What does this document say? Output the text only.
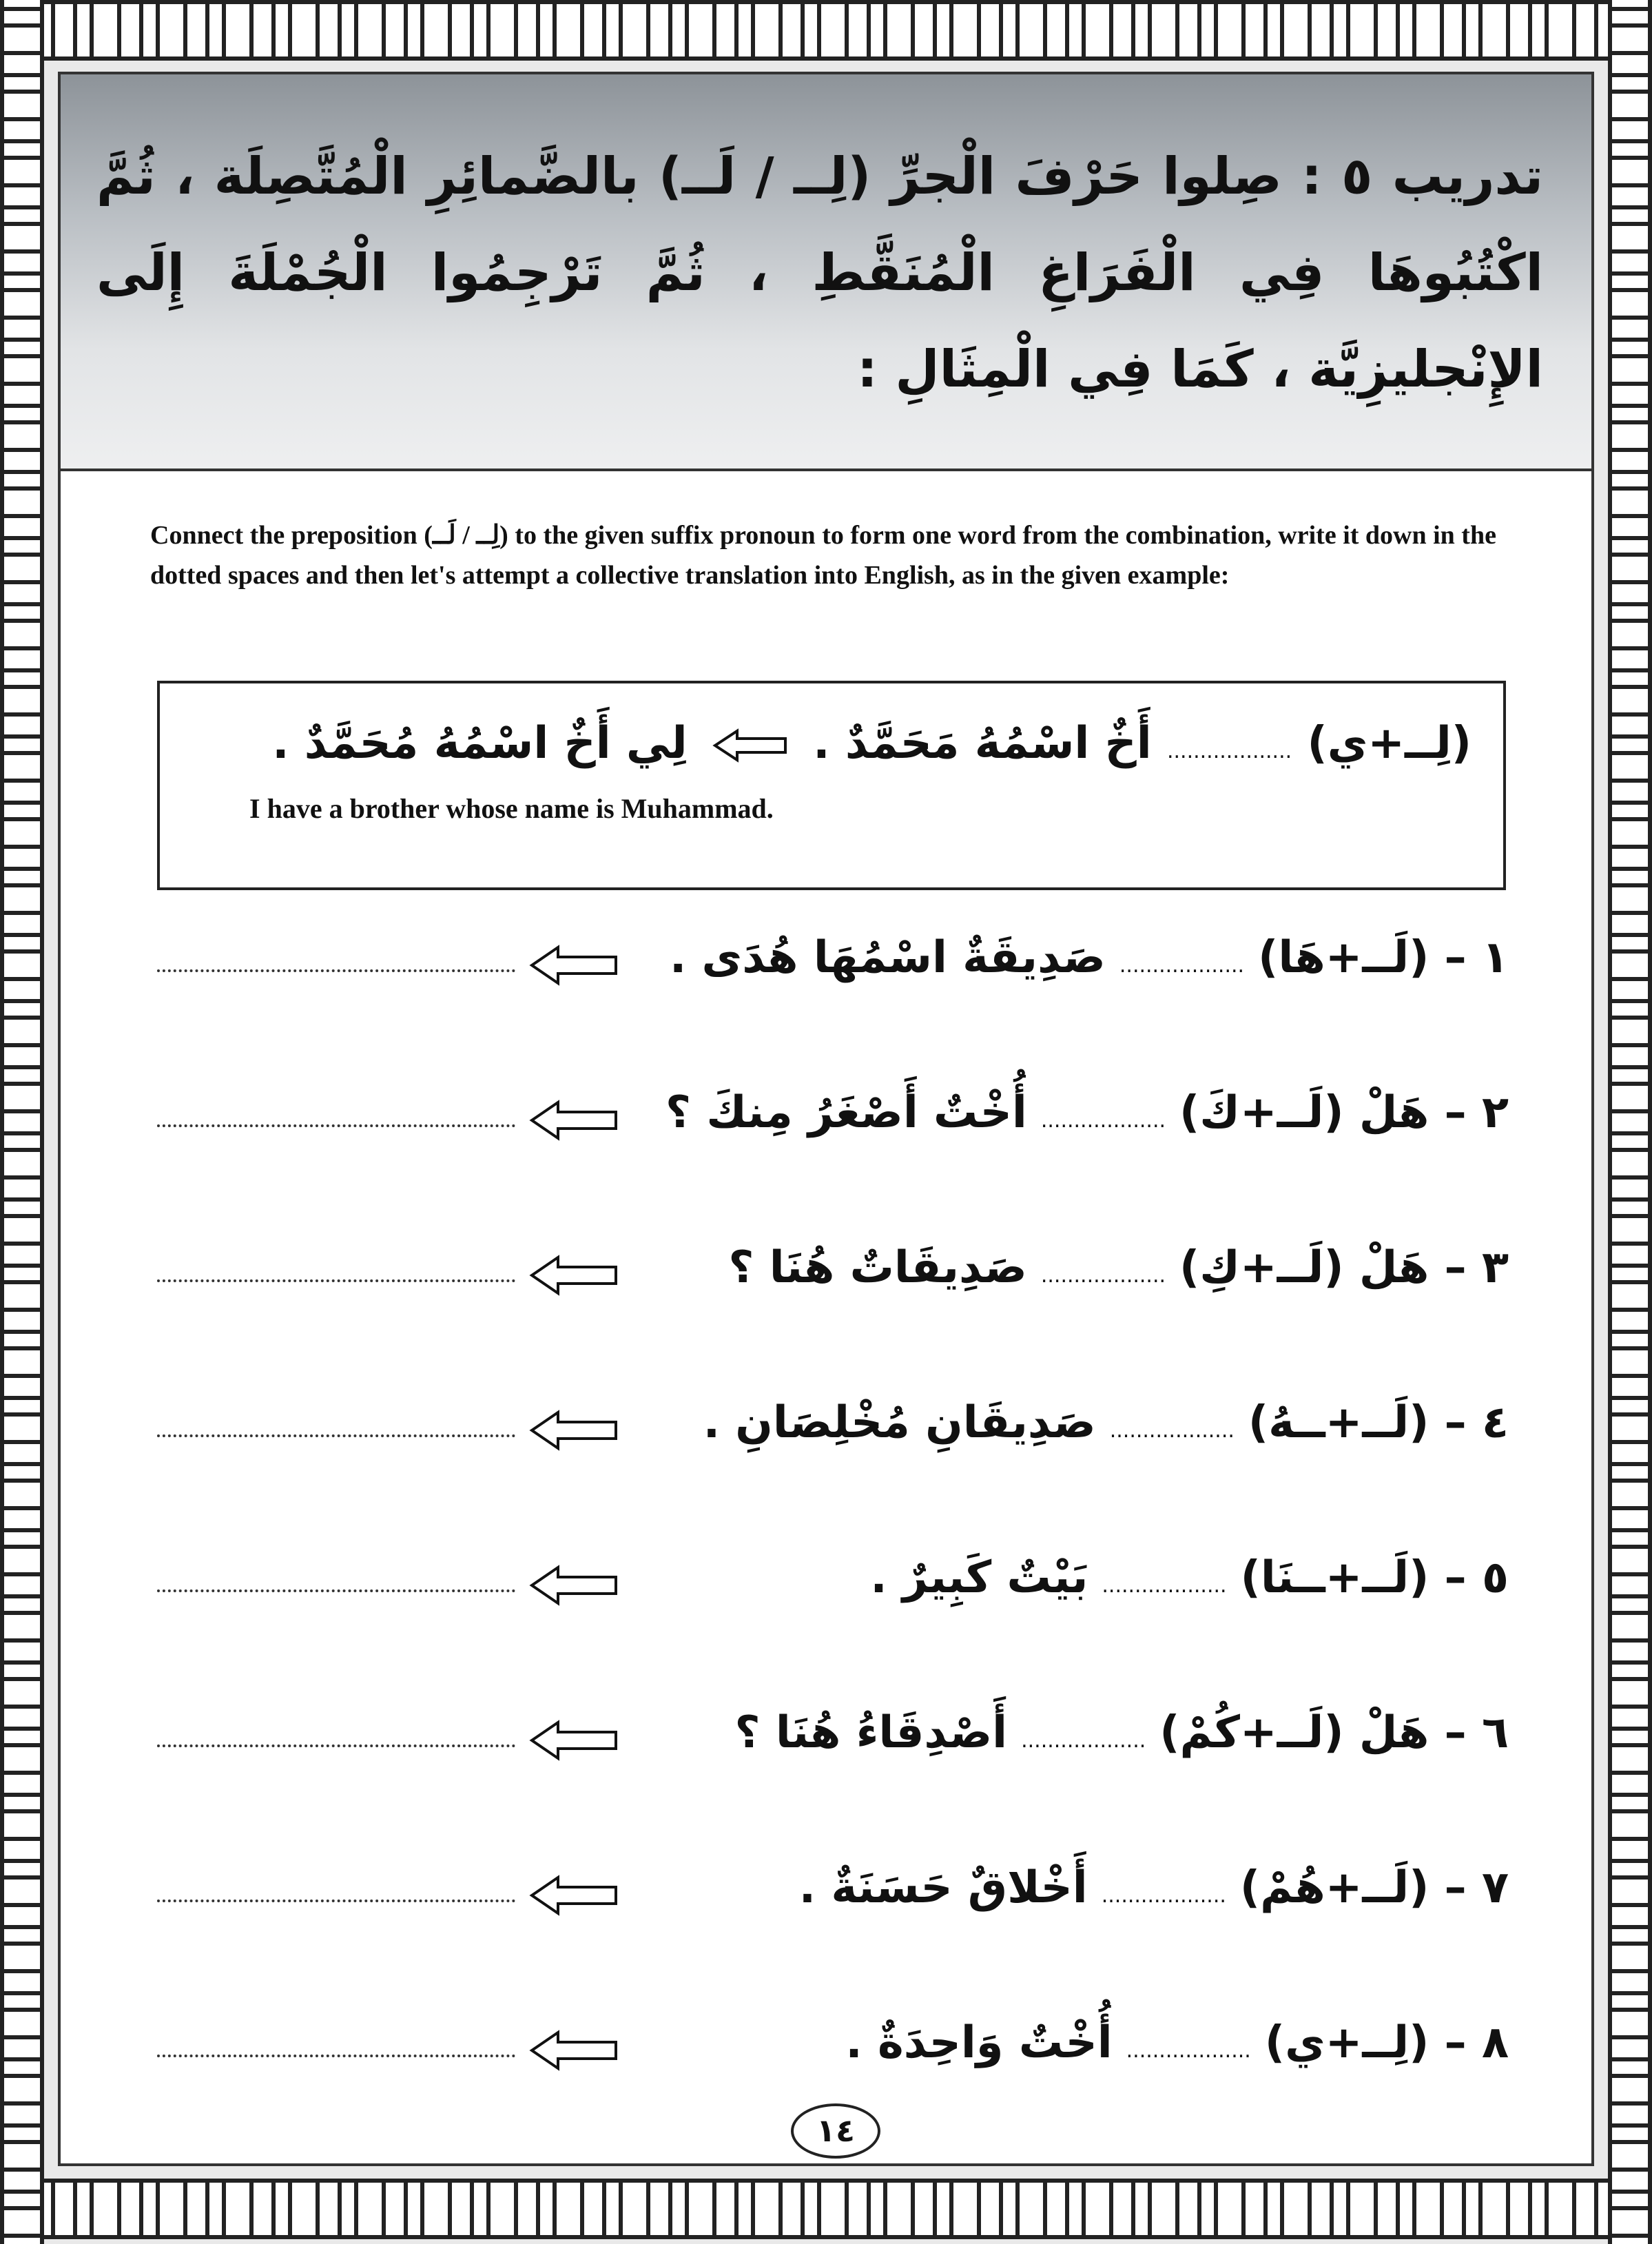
تدريب ٥ : صِلوا حَرْفَ الْجرِّ (لِــ / لَــ) بالضَّمائِرِ الْمُتَّصِلَة ، ثُمَّ اكْتُبُوهَا فِي الْفَرَاغِ الْمُنَقَّطِ ، ثُمَّ تَرْجِمُوا الْجُمْلَةَ إِلَى الإِنْجليزِيَّة ، كَمَا فِي الْمِثَالِ :
Connect the preposition (لِــ / لَــ) to the given suffix pronoun to form one word from the combination, write it down in the dotted spaces and then let's attempt a collective translation into English, as in the given example:
(لِــ+ي) ................... أَخٌ اسْمُهُ مَحَمَّدٌ .  لِي أَخٌ اسْمُهُ مُحَمَّدٌ .
I have a brother whose name is Muhammad.
١ – (لَــ+هَا)...................صَدِيقَةٌ اسْمُهَا هُدَى .
٢ – هَلْ (لَــ+كَ)...................أُخْتٌ أَصْغَرُ مِنكَ ؟
٣ – هَلْ (لَــ+كِ)...................صَدِيقَاتٌ هُنَا ؟
٤ – (لَــ+ــهُ)...................صَدِيقَانِ مُخْلِصَانِ .
٥ – (لَــ+ــنَا)...................بَيْتٌ كَبِيرٌ .
٦ – هَلْ (لَــ+كُمْ)...................أَصْدِقَاءُ هُنَا ؟
٧ – (لَــ+هُمْ)...................أَخْلاقٌ حَسَنَةٌ .
٨ – (لِــ+ي)...................أُخْتٌ وَاحِدَةٌ .
١٤
